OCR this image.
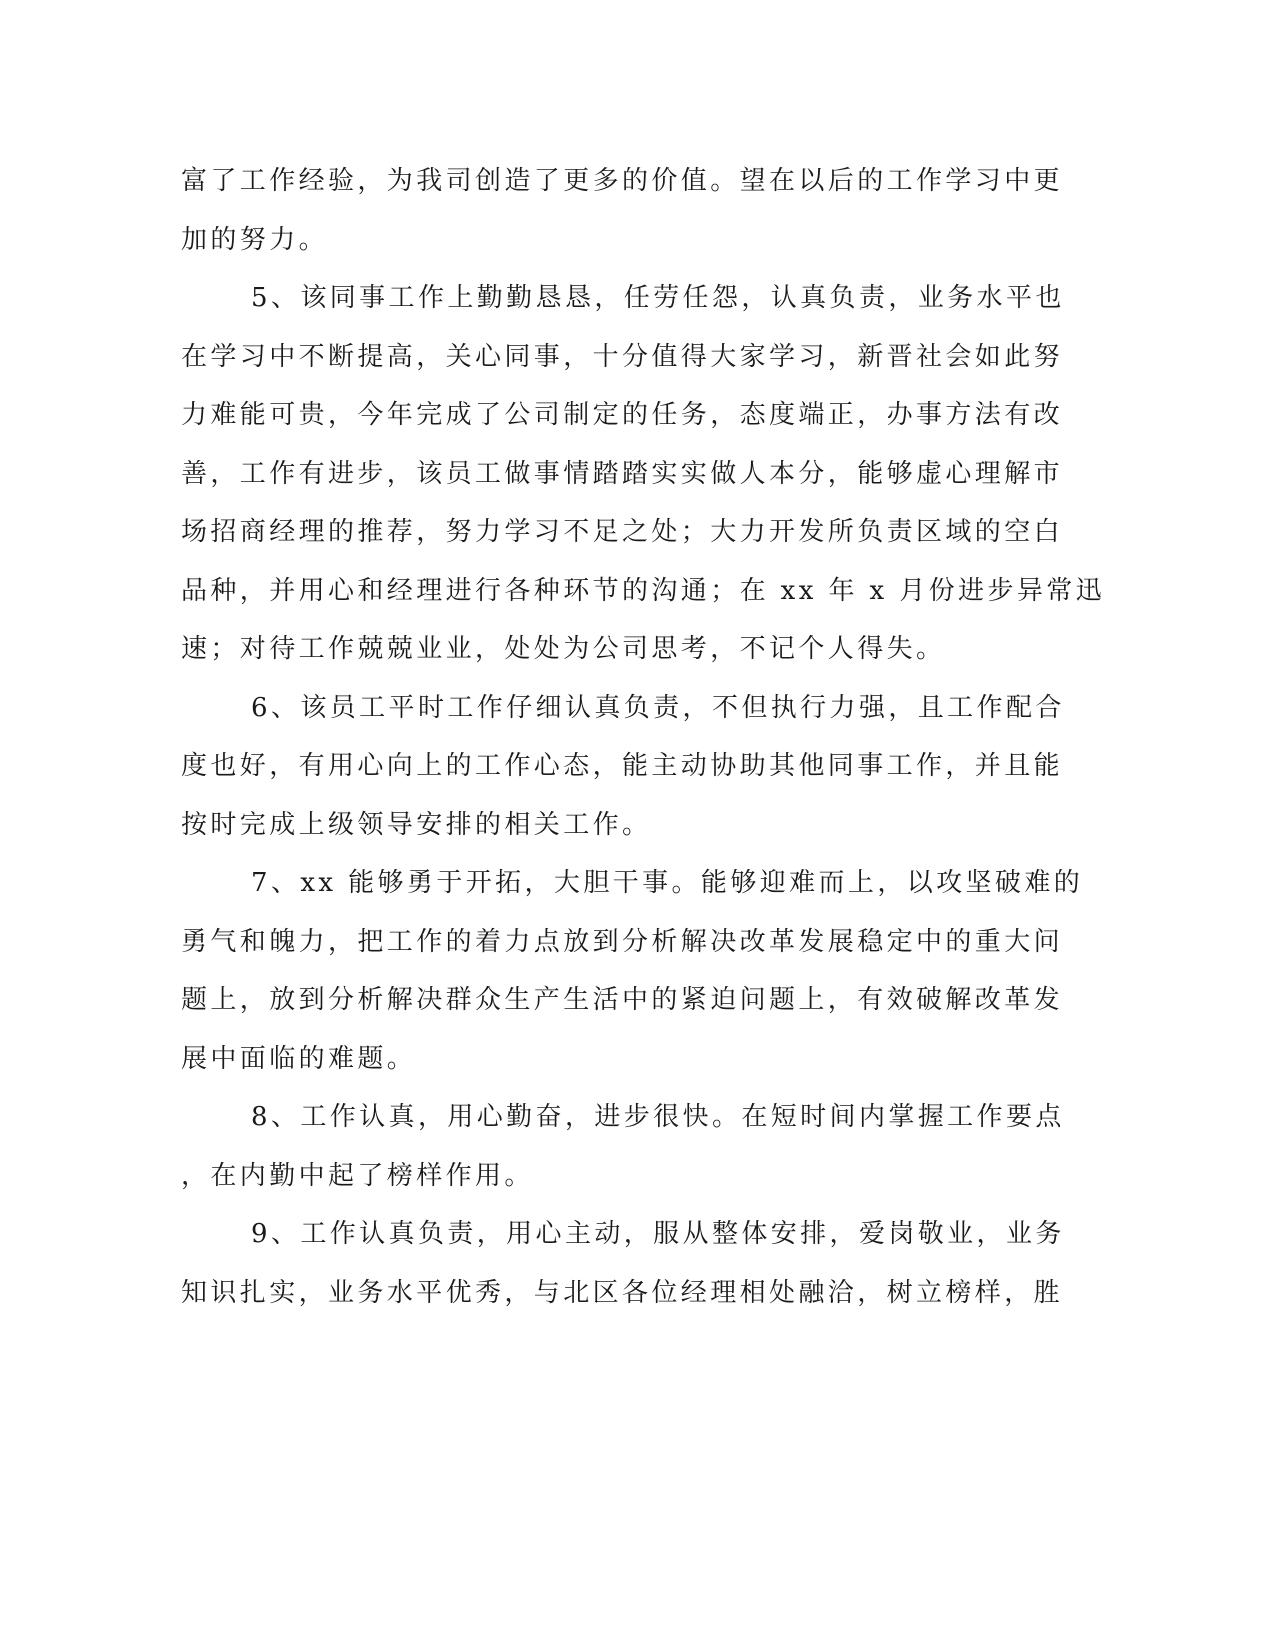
富了工作经验，为我司创造了更多的价值。望在以后的工作学习中更
加的努力。
5、该同事工作上勤勤恳恳，任劳任怨，认真负责，业务水平也
在学习中不断提高，关心同事，十分值得大家学习，新晋社会如此努
力难能可贵，今年完成了公司制定的任务，态度端正，办事方法有改
善，工作有进步，该员工做事情踏踏实实做人本分，能够虚心理解市
场招商经理的推荐，努力学习不足之处；大力开发所负责区域的空白
品种，并用心和经理进行各种环节的沟通；在 xx 年 x 月份进步异常迅
速；对待工作兢兢业业，处处为公司思考，不记个人得失。
6、该员工平时工作仔细认真负责，不但执行力强，且工作配合
度也好，有用心向上的工作心态，能主动协助其他同事工作，并且能
按时完成上级领导安排的相关工作。
7、xx 能够勇于开拓，大胆干事。能够迎难而上，以攻坚破难的
勇气和魄力，把工作的着力点放到分析解决改革发展稳定中的重大问
题上，放到分析解决群众生产生活中的紧迫问题上，有效破解改革发
展中面临的难题。
8、工作认真，用心勤奋，进步很快。在短时间内掌握工作要点
，在内勤中起了榜样作用。
9、工作认真负责，用心主动，服从整体安排，爱岗敬业，业务
知识扎实，业务水平优秀，与北区各位经理相处融洽，树立榜样，胜
